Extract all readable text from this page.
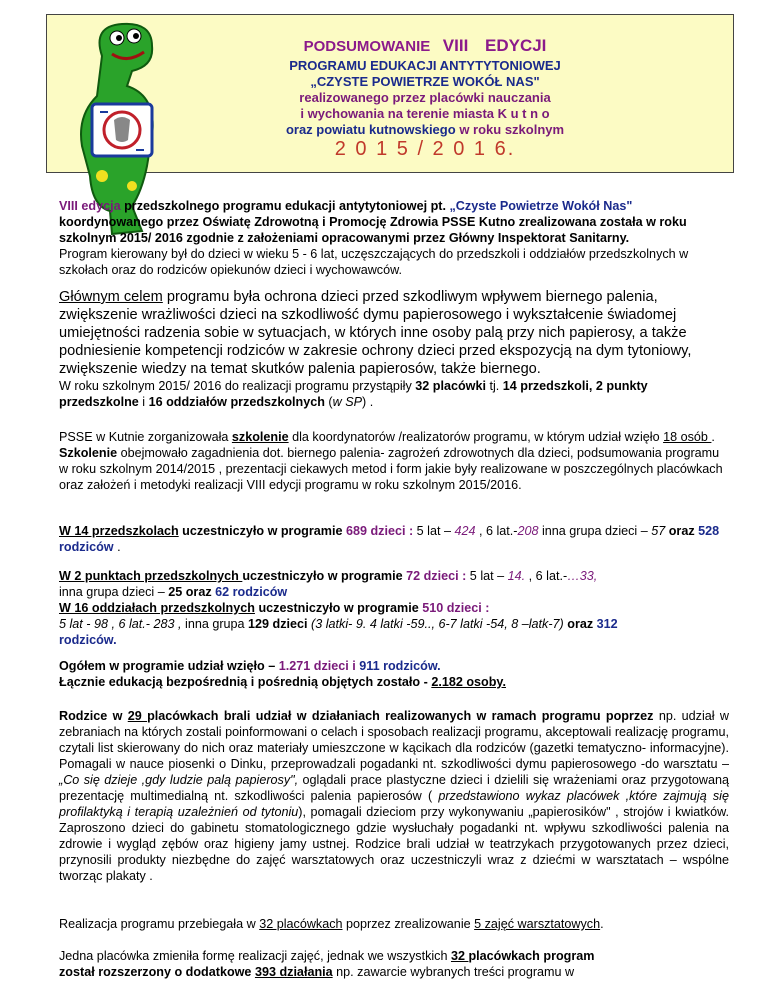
PODSUMOWANIE VIII EDYCJI
PROGRAMU EDUKACJI ANTYTYTONIOWEJ
„CZYSTE POWIETRZE WOKÓŁ NAS"
realizowanego przez placówki nauczania
i wychowania na terenie miasta K u t n o
oraz powiatu kutnowskiego w roku szkolnym
2 0 1 5 / 2 0 1 6.

VIII edycja przedszkolnego programu edukacji antytytoniowej pt. „Czyste Powietrze Wokół Nas"

koordynowanego przez Oświatę Zdrowotną i Promocję Zdrowia PSSE Kutno zrealizowana została w roku szkolnym 2015/ 2016 zgodnie z założeniami opracowanymi przez Główny Inspektorat Sanitarny.

Program kierowany był do dzieci w wieku 5 - 6 lat, uczęszczających do przedszkoli i oddziałów przedszkolnych w szkołach oraz do rodziców opiekunów dzieci i wychowawców.

Głównym celem programu była ochrona dzieci przed szkodliwym wpływem biernego palenia, zwiększenie wrażliwości dzieci na szkodliwość dymu papierosowego i wykształcenie świadomej umiejętności radzenia sobie w sytuacjach, w których inne osoby palą przy nich papierosy, a także podniesienie kompetencji rodziców w zakresie ochrony dzieci przed ekspozycją na dym tytoniowy, zwiększenie wiedzy na temat skutków palenia papierosów, także biernego.

W roku szkolnym 2015/ 2016 do realizacji programu przystąpiły 32 placówki tj. 14 przedszkoli, 2 punkty przedszkolne i 16 oddziałów przedszkolnych (w SP) .

PSSE w Kutnie zorganizowała szkolenie dla koordynatorów /realizatorów programu, w którym udział wzięło 18 osób . Szkolenie obejmowało zagadnienia dot. biernego palenia- zagrożeń zdrowotnych dla dzieci, podsumowania programu w roku szkolnym 2014/2015 , prezentacji ciekawych metod i form jakie były realizowane w poszczególnych placówkach oraz założeń i metodyki realizacji VIII edycji programu w roku szkolnym 2015/2016.

W 14 przedszkolach uczestniczyło w programie 689 dzieci : 5 lat – 424 , 6 lat.-208 inna grupa dzieci – 57 oraz 528 rodziców .

W 2 punktach przedszkolnych uczestniczyło w programie 72 dzieci : 5 lat – 14. , 6 lat.-…33,

inna grupa dzieci – 25 oraz 62 rodziców

W 16 oddziałach przedszkolnych uczestniczyło w programie 510 dzieci :

5 lat - 98 , 6 lat.- 283 , inna grupa 129 dzieci (3 latki- 9. 4 latki -59.., 6-7 latki -54, 8 –latk-7) oraz 312

rodziców.

Ogółem w programie udział wzięło – 1.271 dzieci i 911 rodziców.

Łącznie edukacją bezpośrednią i pośrednią objętych zostało - 2.182 osoby.

Rodzice w 29 placówkach brali udział w działaniach realizowanych w ramach programu poprzez np. udział w zebraniach na których zostali poinformowani o celach i sposobach realizacji programu, akceptowali realizację programu, czytali list skierowany do nich oraz materiały umieszczone w kącikach dla rodziców (gazetki tematyczno- informacyjne). Pomagali w nauce piosenki o Dinku, przeprowadzali pogadanki nt. szkodliwości dymu papierosowego -do warsztatu –„Co się dzieje ,gdy ludzie palą papierosy", oglądali prace plastyczne dzieci i dzielili się wrażeniami oraz przygotowaną prezentację multimedialną nt. szkodliwości palenia papierosów ( przedstawiono wykaz placówek ,które zajmują się profilaktyką i terapią uzależnień od tytoniu), pomagali dzieciom przy wykonywaniu „papierosików" , strojów i kwiatków. Zaproszono dzieci do gabinetu stomatologicznego gdzie wysłuchały pogadanki nt. wpływu szkodliwości palenia na zdrowie i wygląd zębów oraz higieny jamy ustnej. Rodzice brali udział w teatrzykach przygotowanych przez dzieci, przynosili produkty niezbędne do zajęć warsztatowych oraz uczestniczyli wraz z dziećmi w warsztatach – wspólne tworząc plakaty .

Realizacja programu przebiegała w 32 placówkach poprzez zrealizowanie 5 zajęć warsztatowych.

Jedna placówka zmieniła formę realizacji zajęć, jednak we wszystkich 32 placówkach program

został rozszerzony o dodatkowe 393 działania np. zawarcie wybranych treści programu w
